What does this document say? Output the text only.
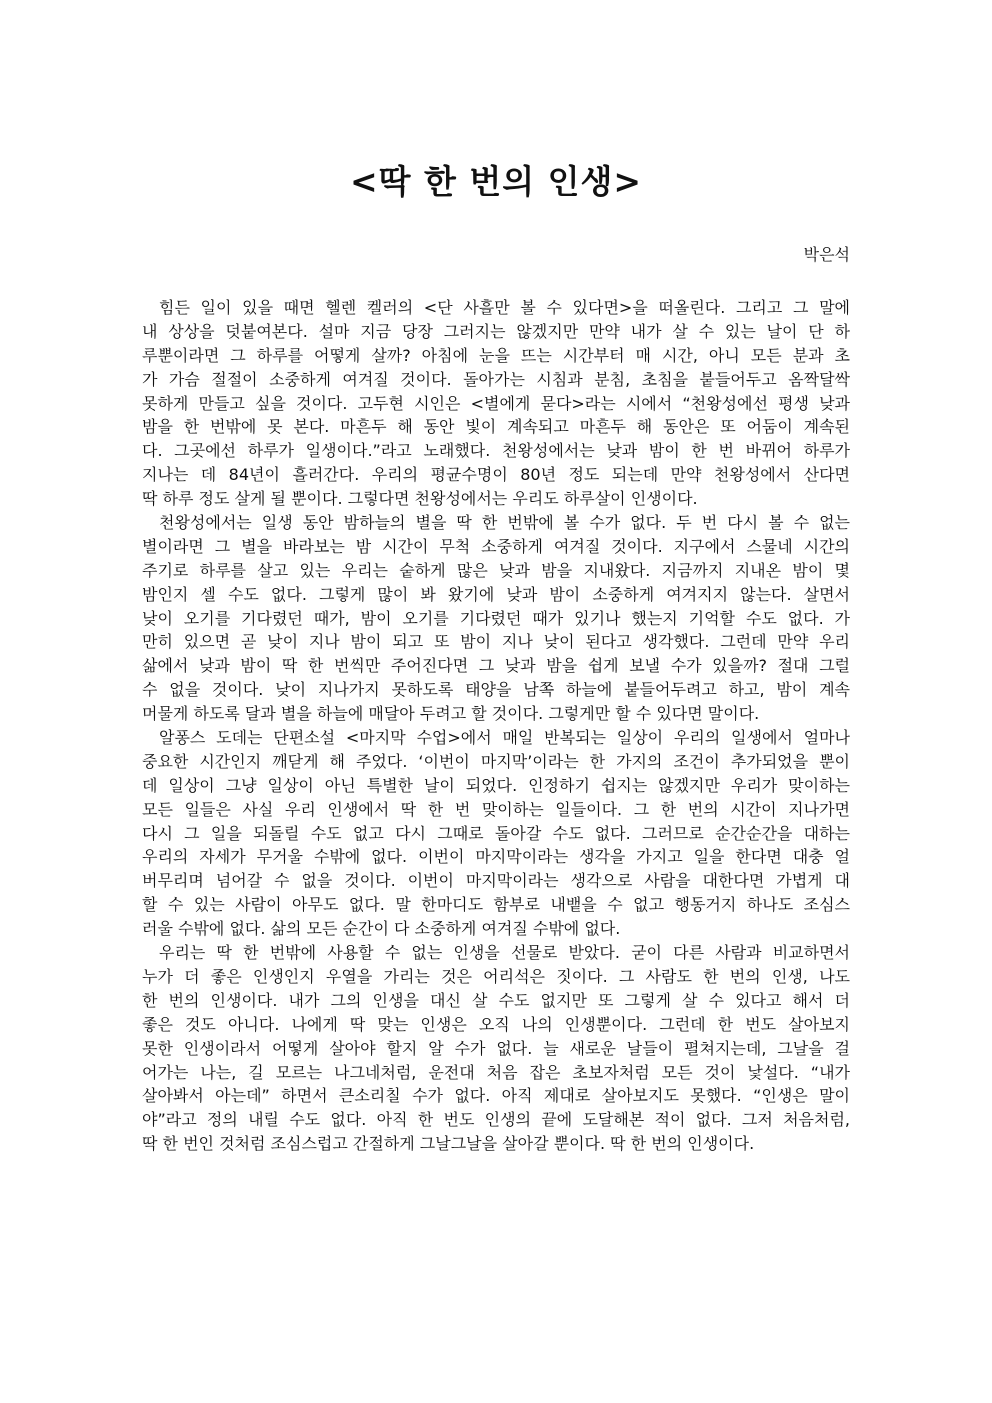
<딱 한 번의 인생>
박은석
힘든 일이 있을 때면 헬렌 켈러의 <단 사흘만 볼 수 있다면>을 떠올린다. 그리고 그 말에
내 상상을 덧붙여본다. 설마 지금 당장 그러지는 않겠지만 만약 내가 살 수 있는 날이 단 하
루뿐이라면 그 하루를 어떻게 살까? 아침에 눈을 뜨는 시간부터 매 시간, 아니 모든 분과 초
가 가슴 절절이 소중하게 여겨질 것이다. 돌아가는 시침과 분침, 초침을 붙들어두고 옴짝달싹
못하게 만들고 싶을 것이다. 고두현 시인은 <별에게 묻다>라는 시에서 “천왕성에선 평생 낮과
밤을 한 번밖에 못 본다. 마흔두 해 동안 빛이 계속되고 마흔두 해 동안은 또 어둠이 계속된
다. 그곳에선 하루가 일생이다.”라고 노래했다. 천왕성에서는 낮과 밤이 한 번 바뀌어 하루가
지나는 데 84년이 흘러간다. 우리의 평균수명이 80년 정도 되는데 만약 천왕성에서 산다면
딱 하루 정도 살게 될 뿐이다. 그렇다면 천왕성에서는 우리도 하루살이 인생이다.
천왕성에서는 일생 동안 밤하늘의 별을 딱 한 번밖에 볼 수가 없다. 두 번 다시 볼 수 없는
별이라면 그 별을 바라보는 밤 시간이 무척 소중하게 여겨질 것이다. 지구에서 스물네 시간의
주기로 하루를 살고 있는 우리는 숱하게 많은 낮과 밤을 지내왔다. 지금까지 지내온 밤이 몇
밤인지 셀 수도 없다. 그렇게 많이 봐 왔기에 낮과 밤이 소중하게 여겨지지 않는다. 살면서
낮이 오기를 기다렸던 때가, 밤이 오기를 기다렸던 때가 있기나 했는지 기억할 수도 없다. 가
만히 있으면 곧 낮이 지나 밤이 되고 또 밤이 지나 낮이 된다고 생각했다. 그런데 만약 우리
삶에서 낮과 밤이 딱 한 번씩만 주어진다면 그 낮과 밤을 쉽게 보낼 수가 있을까? 절대 그럴
수 없을 것이다. 낮이 지나가지 못하도록 태양을 남쪽 하늘에 붙들어두려고 하고, 밤이 계속
머물게 하도록 달과 별을 하늘에 매달아 두려고 할 것이다. 그렇게만 할 수 있다면 말이다.
알퐁스 도데는 단편소설 <마지막 수업>에서 매일 반복되는 일상이 우리의 일생에서 얼마나
중요한 시간인지 깨닫게 해 주었다. ‘이번이 마지막’이라는 한 가지의 조건이 추가되었을 뿐이
데 일상이 그냥 일상이 아닌 특별한 날이 되었다. 인정하기 쉽지는 않겠지만 우리가 맞이하는
모든 일들은 사실 우리 인생에서 딱 한 번 맞이하는 일들이다. 그 한 번의 시간이 지나가면
다시 그 일을 되돌릴 수도 없고 다시 그때로 돌아갈 수도 없다. 그러므로 순간순간을 대하는
우리의 자세가 무거울 수밖에 없다. 이번이 마지막이라는 생각을 가지고 일을 한다면 대충 얼
버무리며 넘어갈 수 없을 것이다. 이번이 마지막이라는 생각으로 사람을 대한다면 가볍게 대
할 수 있는 사람이 아무도 없다. 말 한마디도 함부로 내뱉을 수 없고 행동거지 하나도 조심스
러울 수밖에 없다. 삶의 모든 순간이 다 소중하게 여겨질 수밖에 없다.
우리는 딱 한 번밖에 사용할 수 없는 인생을 선물로 받았다. 굳이 다른 사람과 비교하면서
누가 더 좋은 인생인지 우열을 가리는 것은 어리석은 짓이다. 그 사람도 한 번의 인생, 나도
한 번의 인생이다. 내가 그의 인생을 대신 살 수도 없지만 또 그렇게 살 수 있다고 해서 더
좋은 것도 아니다. 나에게 딱 맞는 인생은 오직 나의 인생뿐이다. 그런데 한 번도 살아보지
못한 인생이라서 어떻게 살아야 할지 알 수가 없다. 늘 새로운 날들이 펼쳐지는데, 그날을 걸
어가는 나는, 길 모르는 나그네처럼, 운전대 처음 잡은 초보자처럼 모든 것이 낯설다. “내가
살아봐서 아는데” 하면서 큰소리칠 수가 없다. 아직 제대로 살아보지도 못했다. “인생은 말이
야”라고 정의 내릴 수도 없다. 아직 한 번도 인생의 끝에 도달해본 적이 없다. 그저 처음처럼,
딱 한 번인 것처럼 조심스럽고 간절하게 그날그날을 살아갈 뿐이다. 딱 한 번의 인생이다.
